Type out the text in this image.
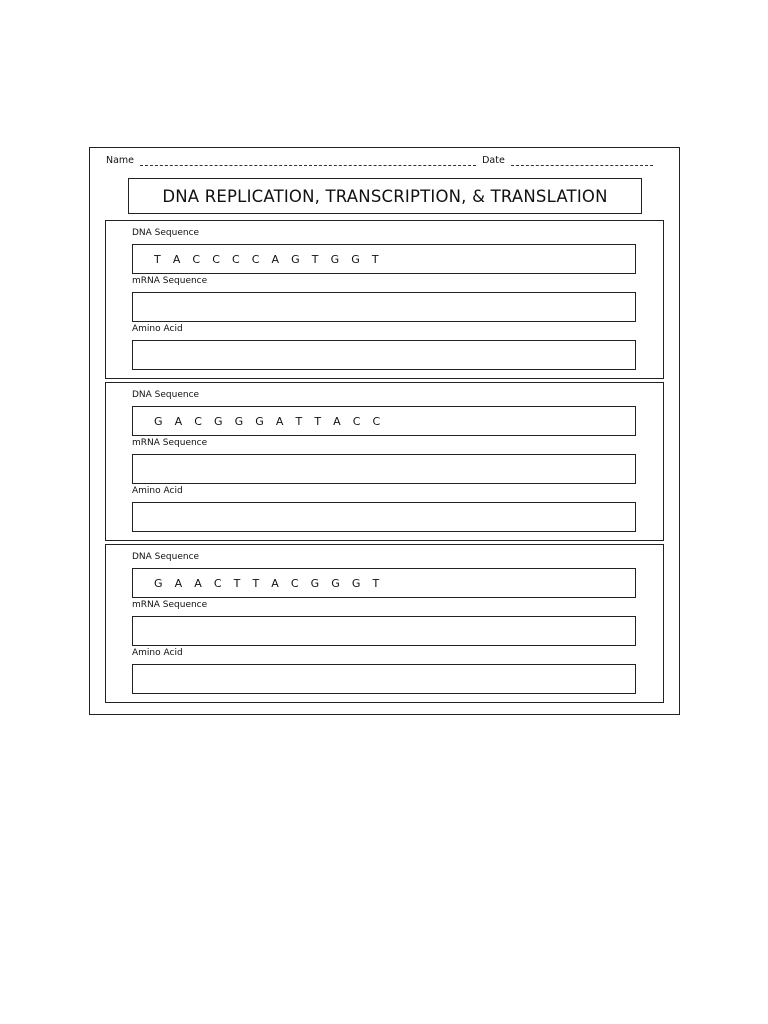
Name	Date
DNA REPLICATION, TRANSCRIPTION, & TRANSLATION
DNA Sequence
T A C C C C A G T G G T
mRNA Sequence
Amino Acid
DNA Sequence
G A C G G G A T T A C C
mRNA Sequence
Amino Acid
DNA Sequence
G A A C T T A C G G G T
mRNA Sequence
Amino Acid
